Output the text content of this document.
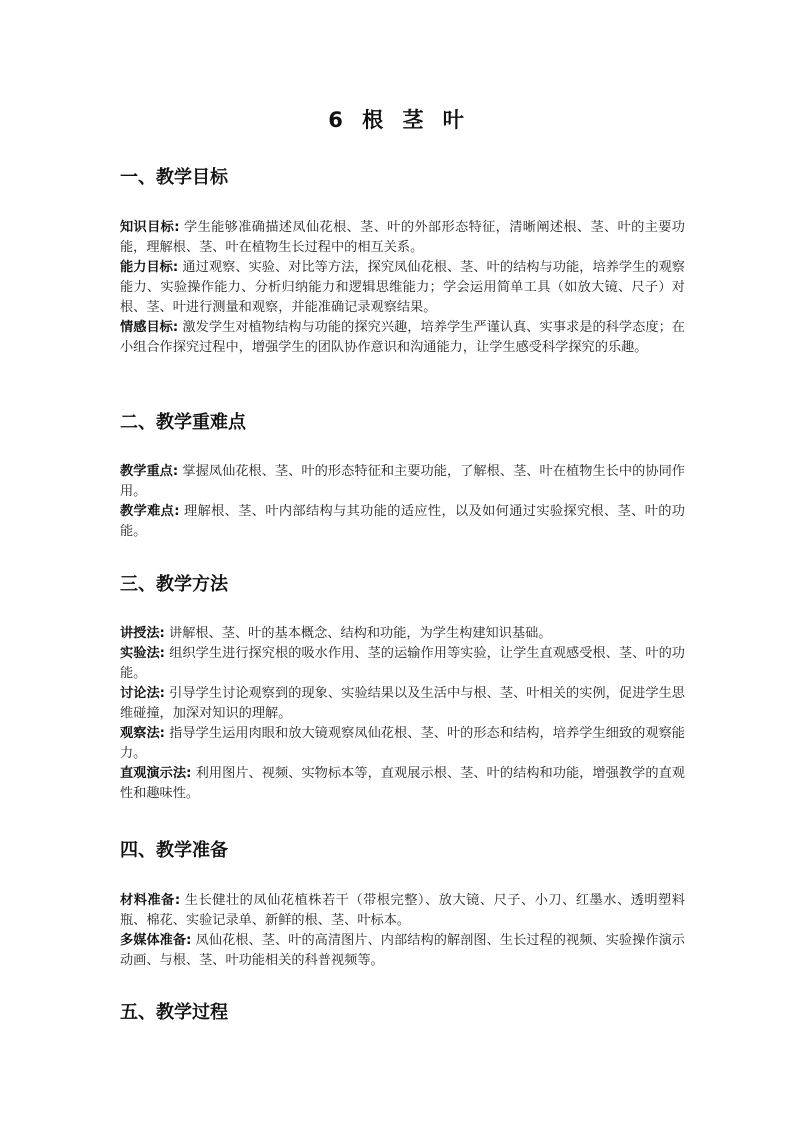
6 根 茎 叶
一、教学目标

知识目标: 学生能够准确描述凤仙花根、茎、叶的外部形态特征，清晰阐述根、茎、叶的主要功能，理解根、茎、叶在植物生长过程中的相互关系。

能力目标: 通过观察、实验、对比等方法，探究凤仙花根、茎、叶的结构与功能，培养学生的观察能力、实验操作能力、分析归纳能力和逻辑思维能力；学会运用简单工具（如放大镜、尺子）对根、茎、叶进行测量和观察，并能准确记录观察结果。

情感目标: 激发学生对植物结构与功能的探究兴趣，培养学生严谨认真、实事求是的科学态度；在小组合作探究过程中，增强学生的团队协作意识和沟通能力，让学生感受科学探究的乐趣。

二、教学重难点

教学重点: 掌握凤仙花根、茎、叶的形态特征和主要功能，了解根、茎、叶在植物生长中的协同作用。

教学难点: 理解根、茎、叶内部结构与其功能的适应性，以及如何通过实验探究根、茎、叶的功能。

三、教学方法

讲授法: 讲解根、茎、叶的基本概念、结构和功能，为学生构建知识基础。

实验法: 组织学生进行探究根的吸水作用、茎的运输作用等实验，让学生直观感受根、茎、叶的功能。

讨论法: 引导学生讨论观察到的现象、实验结果以及生活中与根、茎、叶相关的实例，促进学生思维碰撞，加深对知识的理解。

观察法: 指导学生运用肉眼和放大镜观察凤仙花根、茎、叶的形态和结构，培养学生细致的观察能力。

直观演示法: 利用图片、视频、实物标本等，直观展示根、茎、叶的结构和功能，增强教学的直观性和趣味性。

四、教学准备

材料准备: 生长健壮的凤仙花植株若干（带根完整）、放大镜、尺子、小刀、红墨水、透明塑料瓶、棉花、实验记录单、新鲜的根、茎、叶标本。

多媒体准备: 凤仙花根、茎、叶的高清图片、内部结构的解剖图、生长过程的视频、实验操作演示动画、与根、茎、叶功能相关的科普视频等。

五、教学过程
